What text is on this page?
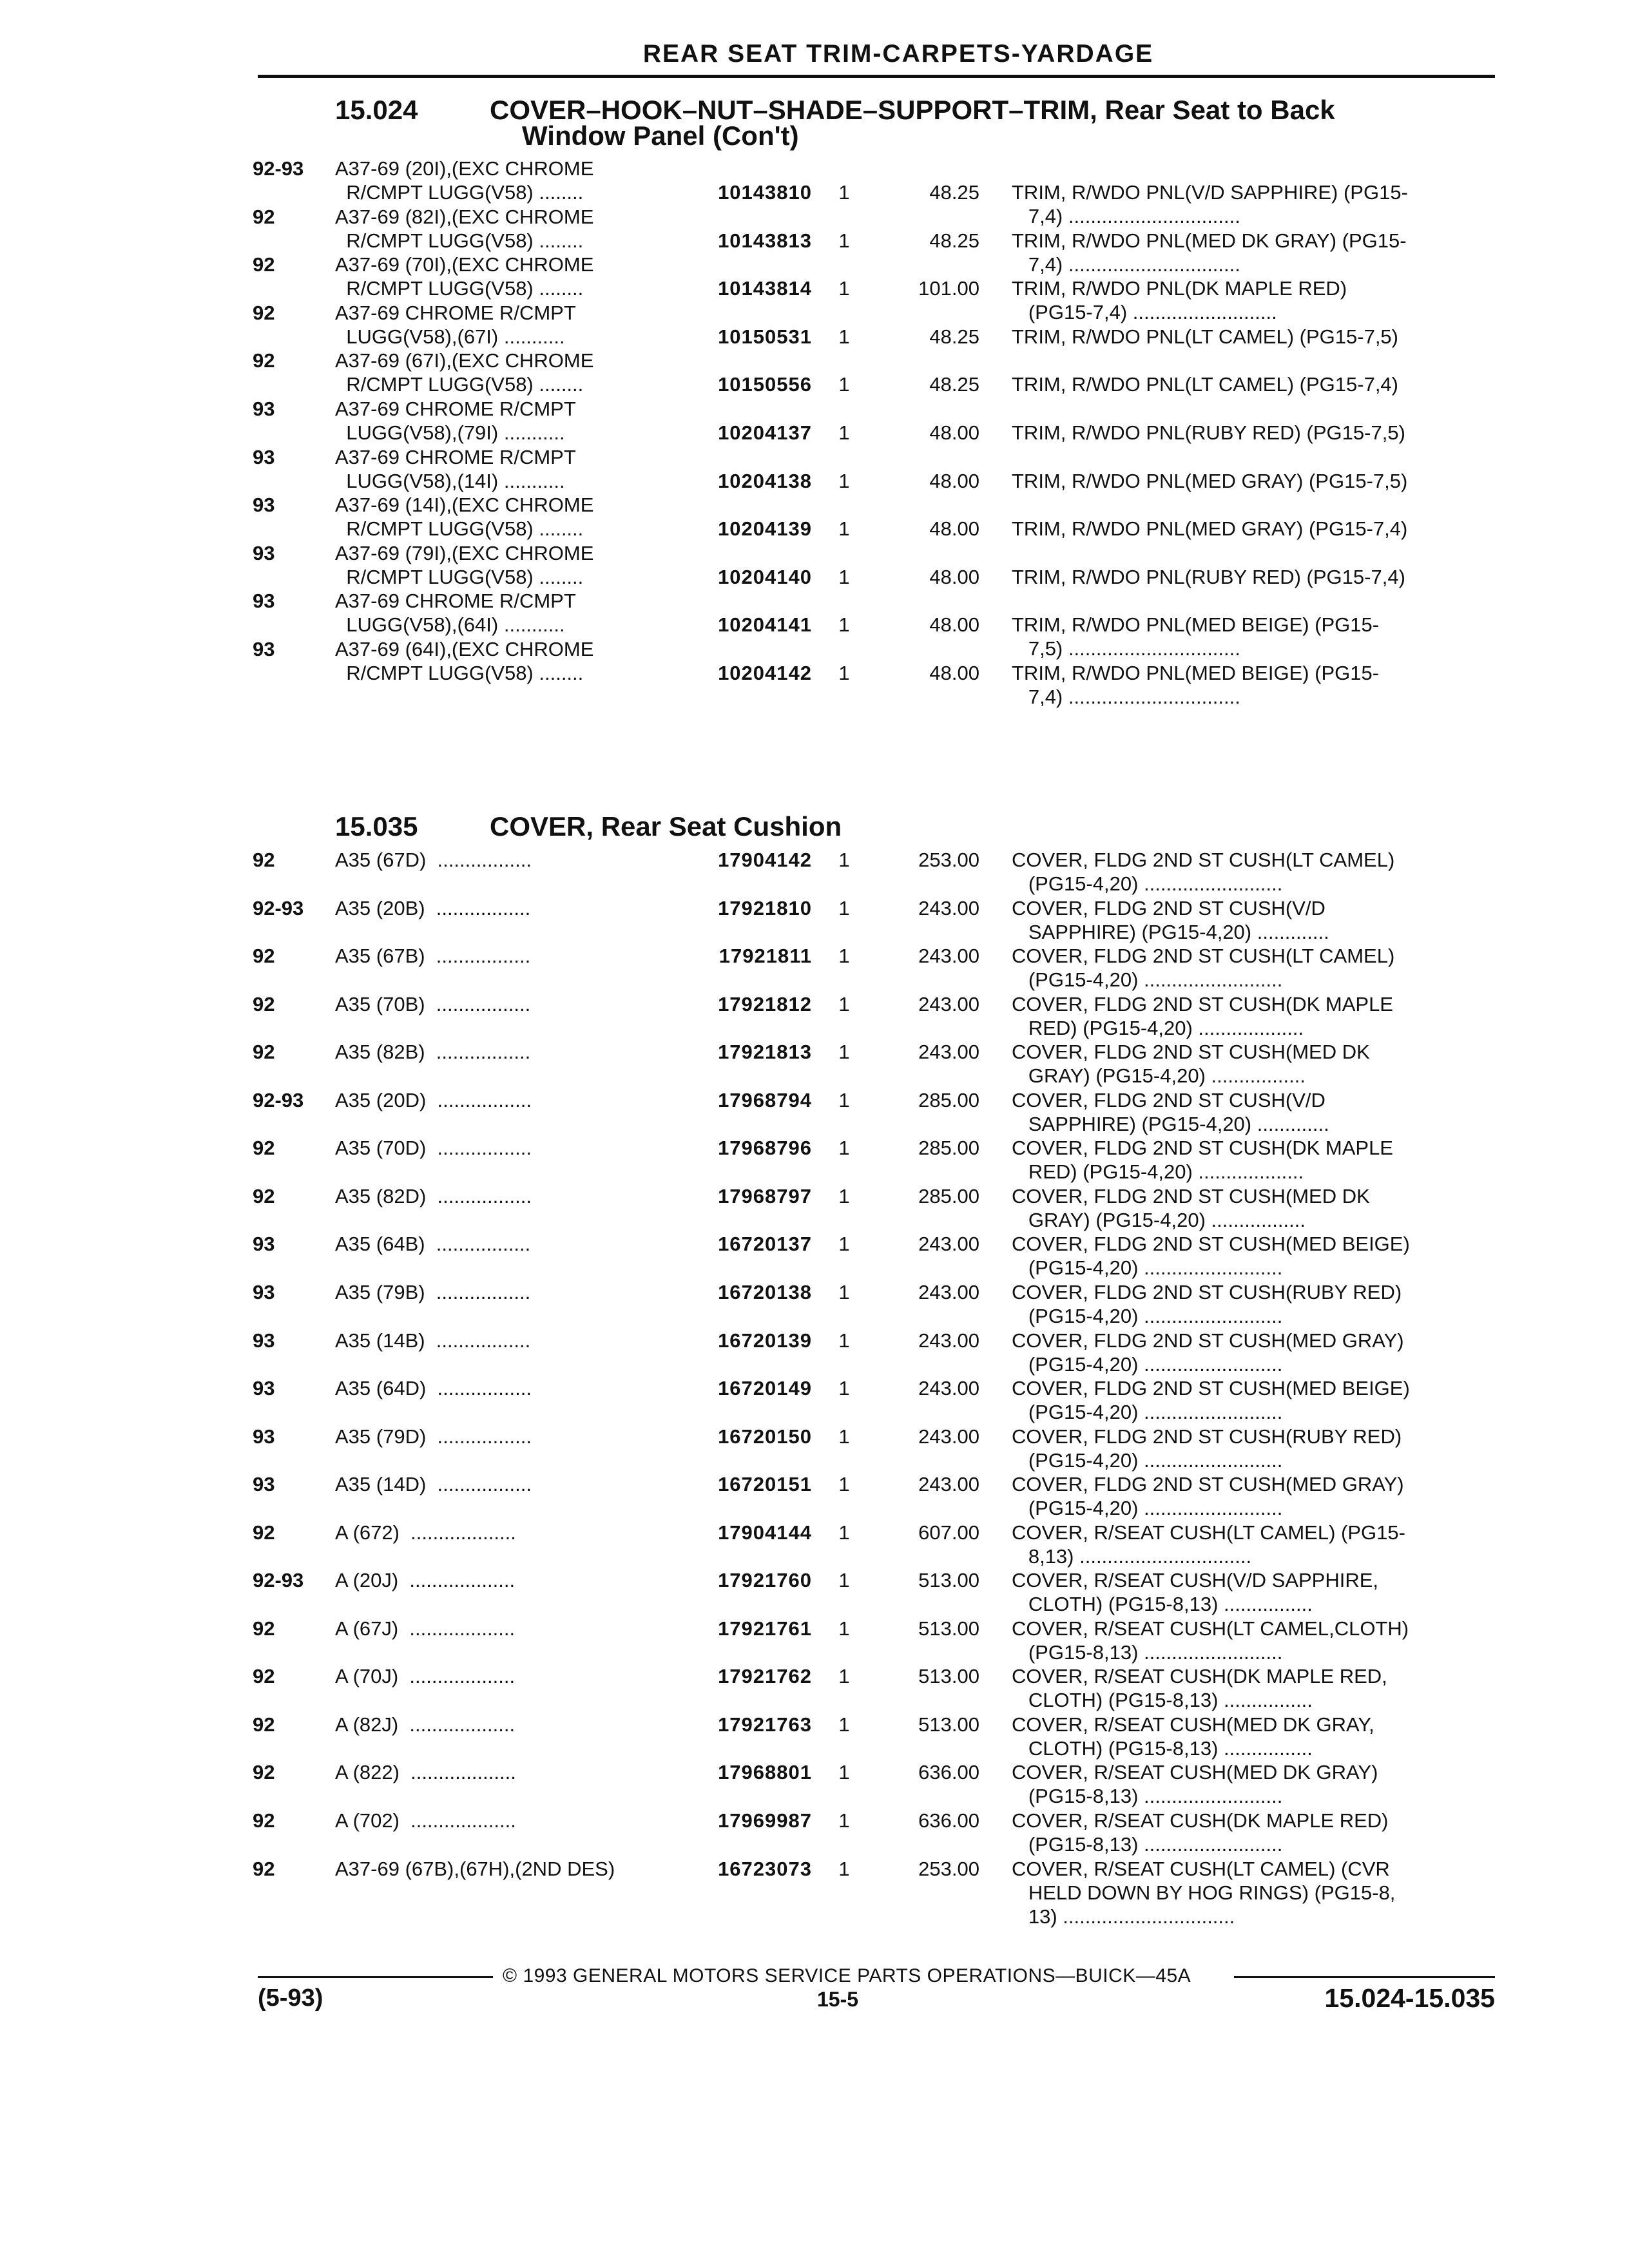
REAR SEAT TRIM-CARPETS-YARDAGE
15.024	COVER–HOOK–NUT–SHADE–SUPPORT–TRIM, Rear Seat to Back
Window Panel (Con't)
15.035	COVER, Rear Seat Cushion
92-93	A37-69 (20I),(EXC CHROME
R/CMPT LUGG(V58) ........	10143810 1	48.25 TRIM, R/WDO PNL(V/D SAPPHIRE) (PG15-
7,4) ...............................
92	A37-69 (82I),(EXC CHROME
R/CMPT LUGG(V58) ........	10143813 1	48.25 TRIM, R/WDO PNL(MED DK GRAY) (PG15-
7,4) ...............................
92	A37-69 (70I),(EXC CHROME
R/CMPT LUGG(V58) ........	10143814 1	101.00 TRIM, R/WDO PNL(DK MAPLE RED)
(PG15-7,4) ..........................
92	A37-69 CHROME R/CMPT
LUGG(V58),(67I) ...........	10150531 1	48.25 TRIM, R/WDO PNL(LT CAMEL) (PG15-7,5)
92	A37-69 (67I),(EXC CHROME
R/CMPT LUGG(V58) ........	10150556 1	48.25 TRIM, R/WDO PNL(LT CAMEL) (PG15-7,4)
93	A37-69 CHROME R/CMPT
LUGG(V58),(79I) ...........	10204137 1	48.00 TRIM, R/WDO PNL(RUBY RED) (PG15-7,5)
93	A37-69 CHROME R/CMPT
LUGG(V58),(14I) ...........	10204138 1	48.00 TRIM, R/WDO PNL(MED GRAY) (PG15-7,5)
93	A37-69 (14I),(EXC CHROME
R/CMPT LUGG(V58) ........	10204139 1	48.00 TRIM, R/WDO PNL(MED GRAY) (PG15-7,4)
93	A37-69 (79I),(EXC CHROME
R/CMPT LUGG(V58) ........	10204140 1	48.00 TRIM, R/WDO PNL(RUBY RED) (PG15-7,4)
93	A37-69 CHROME R/CMPT
LUGG(V58),(64I) ...........	10204141 1	48.00 TRIM, R/WDO PNL(MED BEIGE) (PG15-
7,5) ...............................
93	A37-69 (64I),(EXC CHROME
R/CMPT LUGG(V58) ........	10204142 1	48.00 TRIM, R/WDO PNL(MED BEIGE) (PG15-
7,4) ...............................
92	A35 (67D)  .................	17904142 1	253.00 COVER, FLDG 2ND ST CUSH(LT CAMEL)
(PG15-4,20) .........................
92-93	A35 (20B)  .................	17921810 1	243.00 COVER, FLDG 2ND ST CUSH(V/D
SAPPHIRE) (PG15-4,20) .............
92	A35 (67B)  .................	17921811 1	243.00 COVER, FLDG 2ND ST CUSH(LT CAMEL)
(PG15-4,20) .........................
92	A35 (70B)  .................	17921812 1	243.00 COVER, FLDG 2ND ST CUSH(DK MAPLE
RED) (PG15-4,20) ...................
92	A35 (82B)  .................	17921813 1	243.00 COVER, FLDG 2ND ST CUSH(MED DK
GRAY) (PG15-4,20) .................
92-93	A35 (20D)  .................	17968794 1	285.00 COVER, FLDG 2ND ST CUSH(V/D
SAPPHIRE) (PG15-4,20) .............
92	A35 (70D)  .................	17968796 1	285.00 COVER, FLDG 2ND ST CUSH(DK MAPLE
RED) (PG15-4,20) ...................
92	A35 (82D)  .................	17968797 1	285.00 COVER, FLDG 2ND ST CUSH(MED DK
GRAY) (PG15-4,20) .................
93	A35 (64B)  .................	16720137 1	243.00 COVER, FLDG 2ND ST CUSH(MED BEIGE)
(PG15-4,20) .........................
93	A35 (79B)  .................	16720138 1	243.00 COVER, FLDG 2ND ST CUSH(RUBY RED)
(PG15-4,20) .........................
93	A35 (14B)  .................	16720139 1	243.00 COVER, FLDG 2ND ST CUSH(MED GRAY)
(PG15-4,20) .........................
93	A35 (64D)  .................	16720149 1	243.00 COVER, FLDG 2ND ST CUSH(MED BEIGE)
(PG15-4,20) .........................
93	A35 (79D)  .................	16720150 1	243.00 COVER, FLDG 2ND ST CUSH(RUBY RED)
(PG15-4,20) .........................
93	A35 (14D)  .................	16720151 1	243.00 COVER, FLDG 2ND ST CUSH(MED GRAY)
(PG15-4,20) .........................
92	A (672)  ...................	17904144 1	607.00 COVER, R/SEAT CUSH(LT CAMEL) (PG15-
8,13) ...............................
92-93	A (20J)  ...................	17921760 1	513.00 COVER, R/SEAT CUSH(V/D SAPPHIRE,
CLOTH) (PG15-8,13) ................
92	A (67J)  ...................	17921761 1	513.00 COVER, R/SEAT CUSH(LT CAMEL,CLOTH)
(PG15-8,13) .........................
92	A (70J)  ...................	17921762 1	513.00 COVER, R/SEAT CUSH(DK MAPLE RED,
CLOTH) (PG15-8,13) ................
92	A (82J)  ...................	17921763 1	513.00 COVER, R/SEAT CUSH(MED DK GRAY,
CLOTH) (PG15-8,13) ................
92	A (822)  ...................	17968801 1	636.00 COVER, R/SEAT CUSH(MED DK GRAY)
(PG15-8,13) .........................
92	A (702)  ...................	17969987 1	636.00 COVER, R/SEAT CUSH(DK MAPLE RED)
(PG15-8,13) .........................
92	A37-69 (67B),(67H),(2ND DES)	16723073 1	253.00 COVER, R/SEAT CUSH(LT CAMEL) (CVR
HELD DOWN BY HOG RINGS) (PG15-8,
13) ...............................
© 1993 GENERAL MOTORS SERVICE PARTS OPERATIONS—BUICK—45A
(5-93)	15-5	15.024-15.035
